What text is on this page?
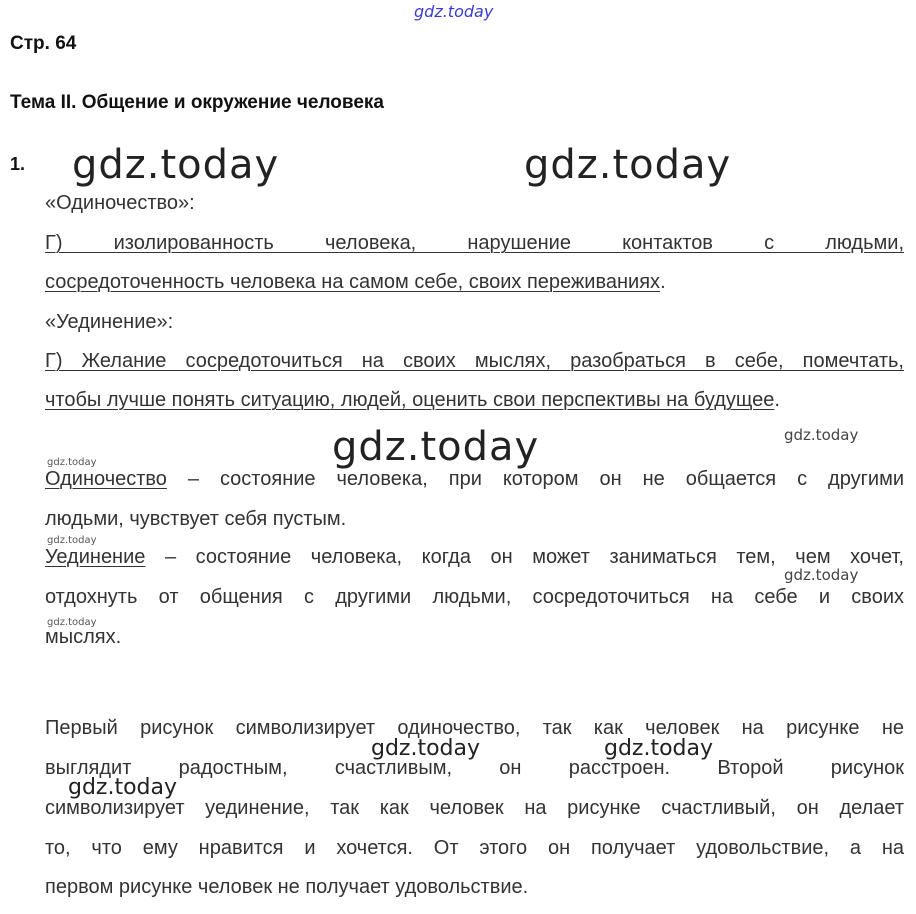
gdz.today
Стр. 64
Тема II. Общение и окружение человека
1. gdz.today	gdz.today
«Одиночество»:
Г) изолированность человека, нарушение контактов с людьми,
сосредоточенность человека на самом себе, своих переживаниях.
«Уединение»:
Г) Желание сосредоточиться на своих мыслях, разобраться в себе, помечтать,
чтобы лучше понять ситуацию, людей, оценить свои перспективы на будущее.
gdz.today	gdz.today
gdz.today
Одиночество – состояние человека, при котором он не общается с другими
людьми, чувствует себя пустым.
gdz.today
Уединение – состояние человека, когда он может заниматься тем, чем хочет,
gdz.today
отдохнуть от общения с другими людьми, сосредоточиться на себе и своих
gdz.today
мыслях.
Первый рисунок символизирует одиночество, так как человек на рисунке не
gdz.today	gdz.today
выглядит радостным, счастливым, он расстроен. Второй рисунок
gdz.today
символизирует уединение, так как человек на рисунке счастливый, он делает
то, что ему нравится и хочется. От этого он получает удовольствие, а на
первом рисунке человек не получает удовольствие.
